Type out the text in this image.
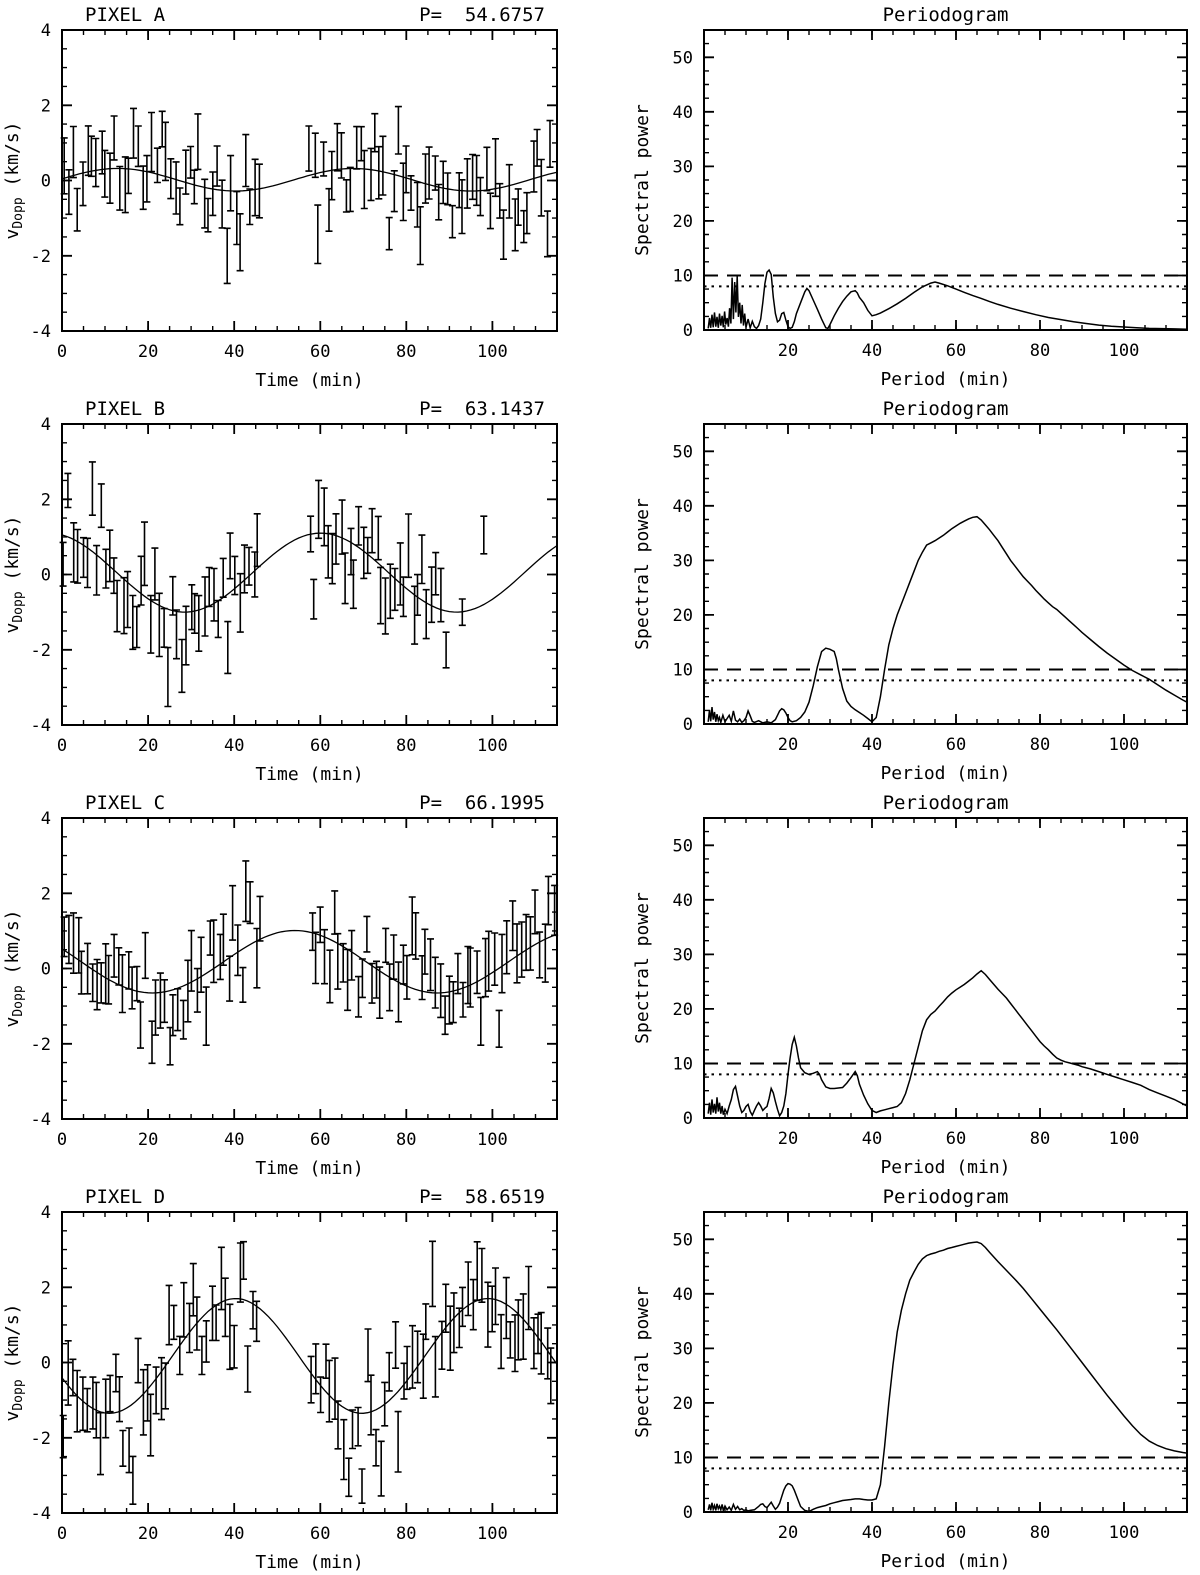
0	20	40	60	80	100
-4
-2
0
2
4
Time (min)
$v_{Dopp}$ (km/s)
PIXEL A	P=  54.6757
20	40	60	80	100
0
10
20
30
40
50
Period (min)
Spectral power
Periodogram
0	20	40	60	80	100
-4
-2
0
2
4
Time (min)
$v_{Dopp}$ (km/s)
PIXEL B	P=  63.1437
20	40	60	80	100
0
10
20
30
40
50
Period (min)
Spectral power
Periodogram
0	20	40	60	80	100
-4
-2
0
2
4
Time (min)
$v_{Dopp}$ (km/s)
PIXEL C	P=  66.1995
20	40	60	80	100
0
10
20
30
40
50
Period (min)
Spectral power
Periodogram
0	20	40	60	80	100
-4
-2
0
2
4
Time (min)
$v_{Dopp}$ (km/s)
PIXEL D	P=  58.6519
20	40	60	80	100
0
10
20
30
40
50
Period (min)
Spectral power
Periodogram
